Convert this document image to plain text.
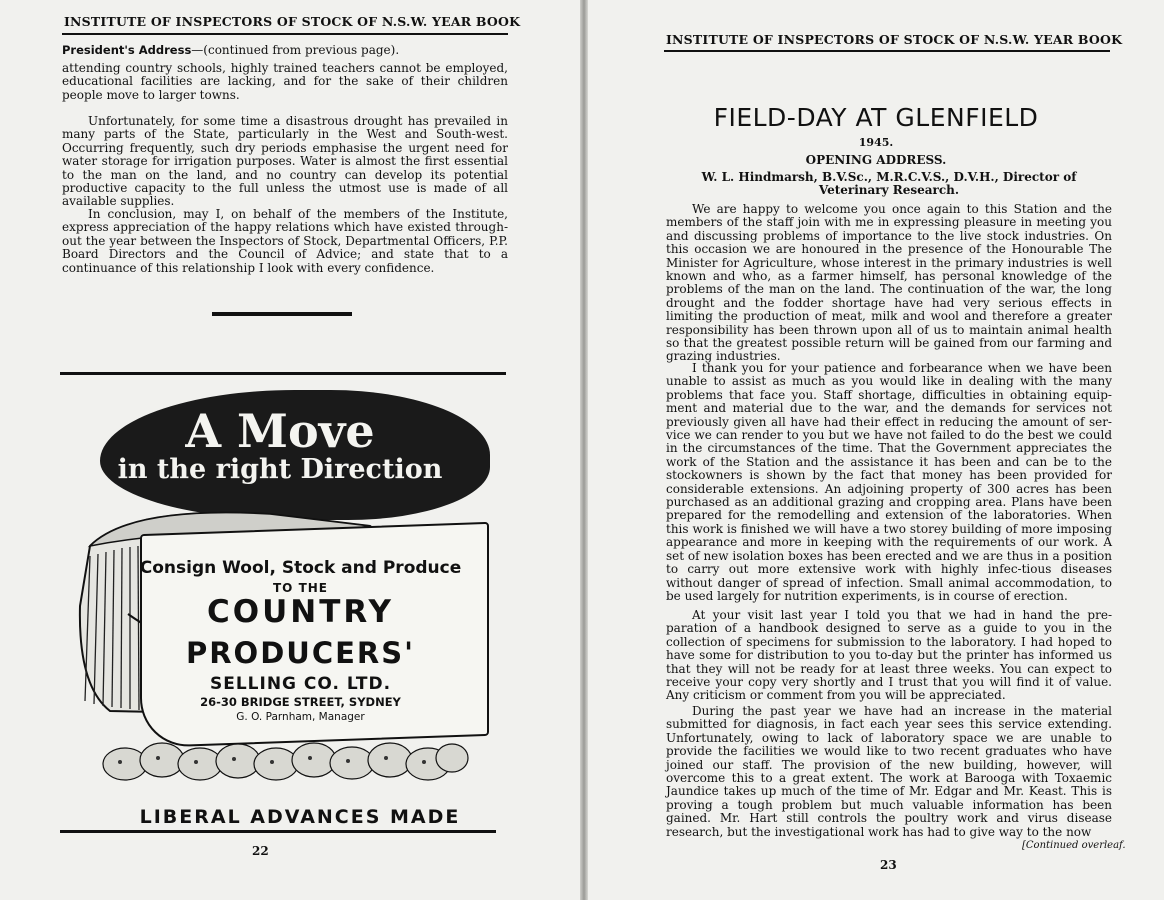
INSTITUTE OF INSPECTORS OF STOCK OF N.S.W. YEAR BOOK

President's Address—(continued from previous page).

attending country schools, highly trained teachers cannot be employed, educational facilities are lacking, and for the sake of their children people move to larger towns.

Unfortunately, for some time a disastrous drought has prevailed in many parts of the State, particularly in the West and South-west. Occurring frequently, such dry periods emphasise the urgent need for water storage for irrigation purposes. Water is almost the first essential to the man on the land, and no country can develop its potential productive capacity to the full unless the utmost use is made of all available supplies.

In conclusion, may I, on behalf of the members of the Institute, express appreciation of the happy relations which have existed through-out the year between the Inspectors of Stock, Departmental Officers, P.P. Board Directors and the Council of Advice; and state that to a continuance of this relationship I look with every confidence.

A Move
in the right Direction
Consign Wool, Stock and Produce
TO THE
COUNTRY
PRODUCERS'
SELLING CO. LTD.
26-30 BRIDGE STREET, SYDNEY
G. O. Parnham, Manager
LIBERAL ADVANCES MADE
22
INSTITUTE OF INSPECTORS OF STOCK OF N.S.W. YEAR BOOK
FIELD-DAY AT GLENFIELD
1945.
OPENING ADDRESS.

W. L. Hindmarsh, B.V.Sc., M.R.C.V.S., D.V.H., Director of Veterinary Research.

We are happy to welcome you once again to this Station and the members of the staff join with me in expressing pleasure in meeting you and discussing problems of importance to the live stock industries. On this occasion we are honoured in the presence of the Honourable The Minister for Agriculture, whose interest in the primary industries is well known and who, as a farmer himself, has personal knowledge of the problems of the man on the land. The continuation of the war, the long drought and the fodder shortage have had very serious effects in limiting the production of meat, milk and wool and therefore a greater responsibility has been thrown upon all of us to maintain animal health so that the greatest possible return will be gained from our farming and grazing industries.

I thank you for your patience and forbearance when we have been unable to assist as much as you would like in dealing with the many problems that face you. Staff shortage, difficulties in obtaining equip-ment and material due to the war, and the demands for services not previously given all have had their effect in reducing the amount of ser-vice we can render to you but we have not failed to do the best we could in the circumstances of the time. That the Government appreciates the work of the Station and the assistance it has been and can be to the stockowners is shown by the fact that money has been provided for considerable extensions. An adjoining property of 300 acres has been purchased as an additional grazing and cropping area. Plans have been prepared for the remodelling and extension of the laboratories. When this work is finished we will have a two storey building of more imposing appearance and more in keeping with the requirements of our work. A set of new isolation boxes has been erected and we are thus in a position to carry out more extensive work with highly infec-tious diseases without danger of spread of infection. Small animal accommodation, to be used largely for nutrition experiments, is in course of erection.

At your visit last year I told you that we had in hand the pre-paration of a handbook designed to serve as a guide to you in the collection of specimens for submission to the laboratory. I had hoped to have some for distribution to you to-day but the printer has informed us that they will not be ready for at least three weeks. You can expect to receive your copy very shortly and I trust that you will find it of value. Any criticism or comment from you will be appreciated.

During the past year we have had an increase in the material submitted for diagnosis, in fact each year sees this service extending. Unfortunately, owing to lack of laboratory space we are unable to provide the facilities we would like to two recent graduates who have joined our staff. The provision of the new building, however, will overcome this to a great extent. The work at Barooga with Toxaemic Jaundice takes up much of the time of Mr. Edgar and Mr. Keast. This is proving a tough problem but much valuable information has been gained. Mr. Hart still controls the poultry work and virus disease research, but the investigational work has had to give way to the now

[Continued overleaf.
23
